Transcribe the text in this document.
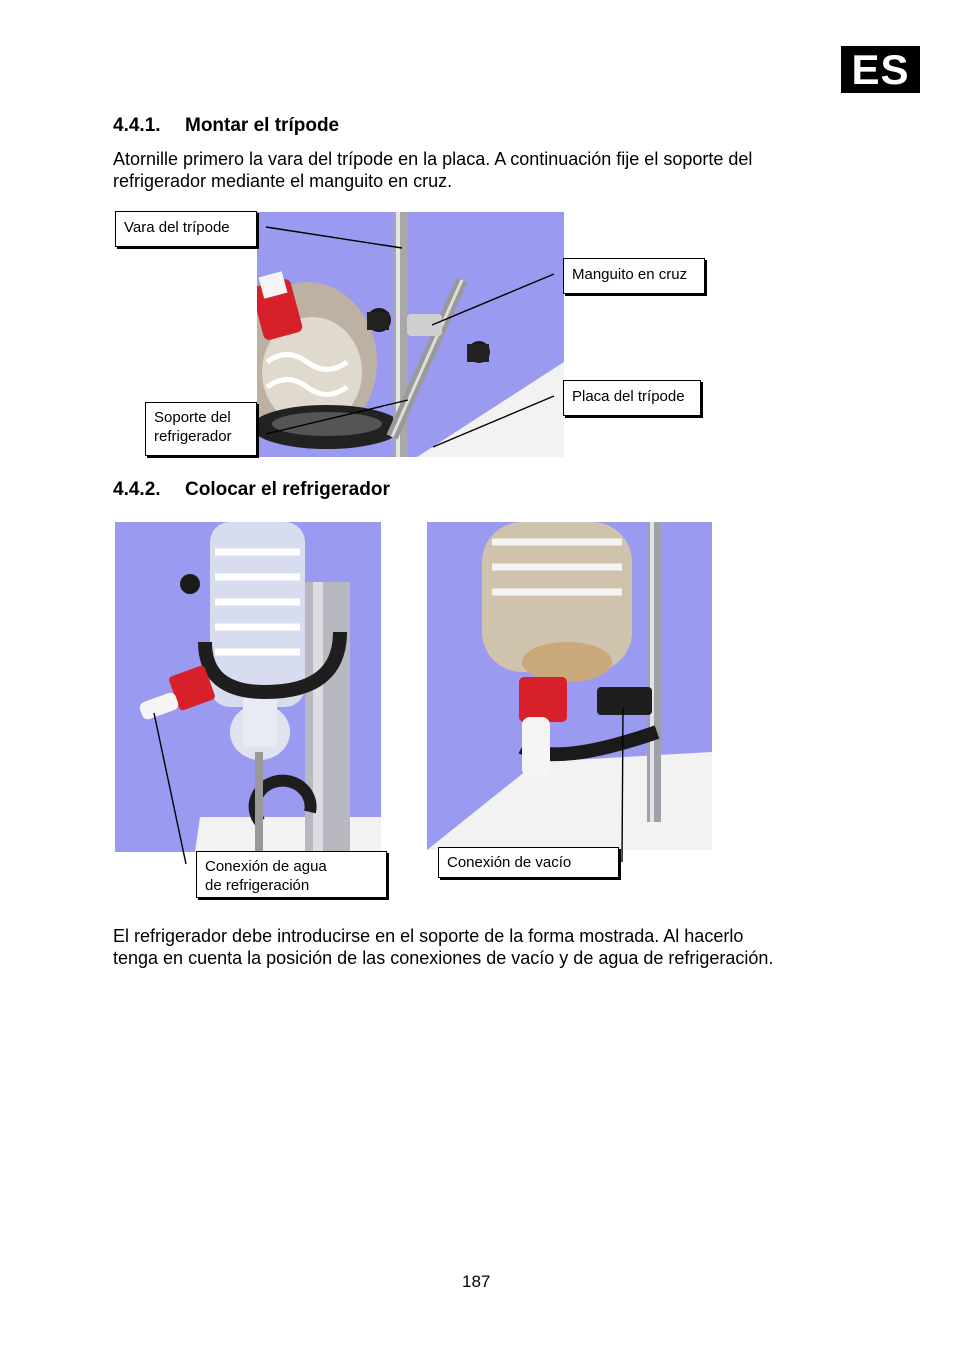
ES
4.4.1. Montar el trípode
Atornille primero la vara del trípode en la placa. A continuación fije el soporte del
refrigerador mediante el manguito en cruz.
Vara del trípode
Manguito en cruz
Placa del trípode
Soporte del
refrigerador
4.4.2. Colocar el refrigerador
Conexión de agua
de refrigeración
Conexión de vacío
El refrigerador debe introducirse en el soporte de la forma mostrada. Al hacerlo
tenga en cuenta la posición de las conexiones de vacío y de agua de refrigeración.
187
